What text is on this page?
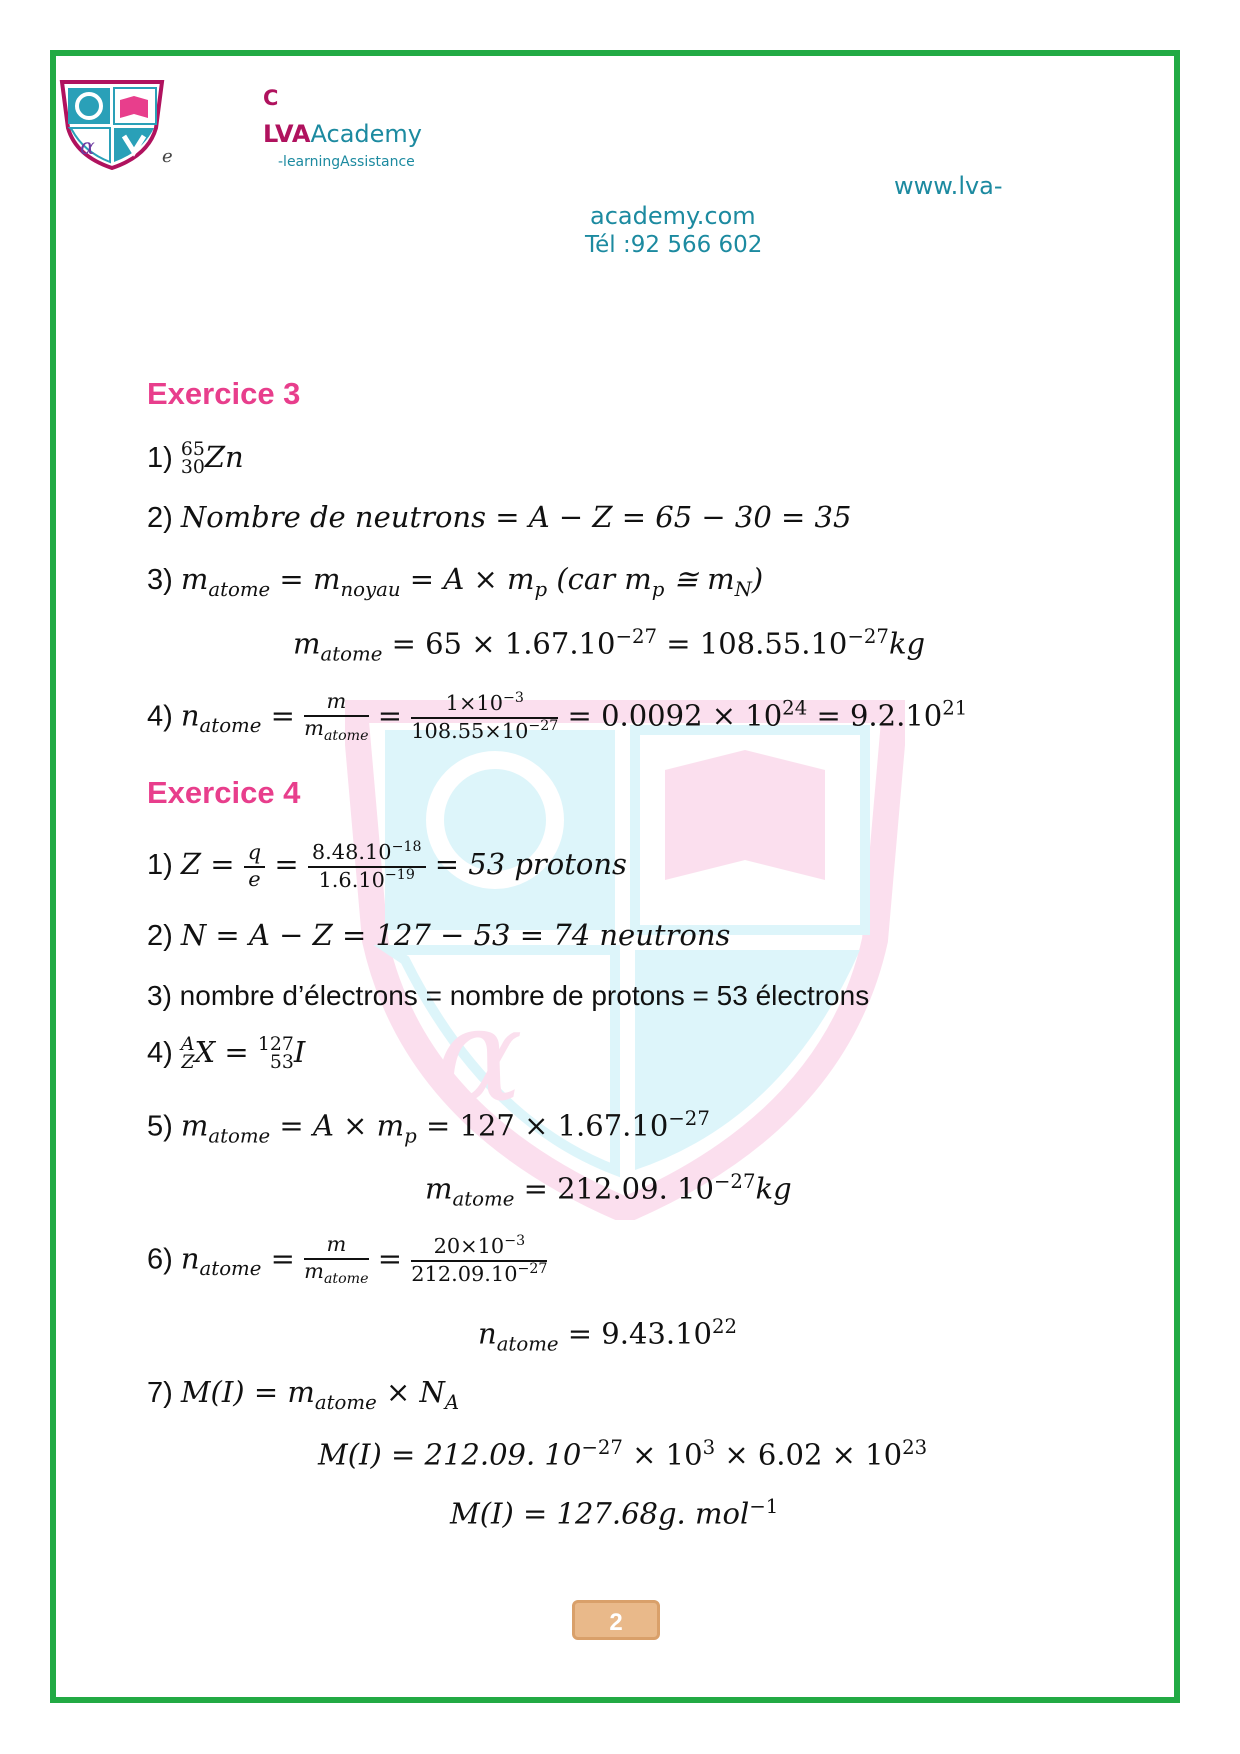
α
C
LVAAcademy
-learningAssistance
e
www.lva-
academy.com
Tél :92 566 602
α
Exercice 3
1) 65
30 Zn
2) Nombre de neutrons = A − Z = 65 − 30 = 35
3) $m_{atome} = m_{noyau} = A \times m_p$ (car $m_p$ ≅ $m_N$)
$m_{atome} = 65 \times 1.67.10^{-27} = 108.55.10^{-27}kg$
4) $n_{atome}$ =	m
$m_{atome}$
= $\frac{1\times 10^{-3}}{108.55\times 10^{-27}} = 0.0092 \times 10^{24} = 9.2.10^{21}$
Exercice 4
1) $Z = \frac{q}{e} = \frac{8.48.10^{-18}}{1.6.10^{-19}} = 53$ protons
2) N = A − Z = 127 − 53 = 74 neutrons
3) nombre d’électrons = nombre de protons = 53 électrons
4) A
Z X = 127
53 I
5) $m_{atome} = A \times m_p = 127 \times 1.67.10^{-27}$
$m_{atome} = 212.09$. $10^{-27}kg$
6) $n_{atome}$ =	m
$m_{atome}$
= $\frac{20\times 10^{-3}}{212.09.10^{-27}}$
$n_{atome} = 9.43.10^{22}$
7) $M(I) = m_{atome} \times N_A$
M(I) = 212.09. $10^{-27} \times 10^3 \times 6.02 \times 10^{23}$
M(I) = 127.68g. mol$^{-1}$
2
